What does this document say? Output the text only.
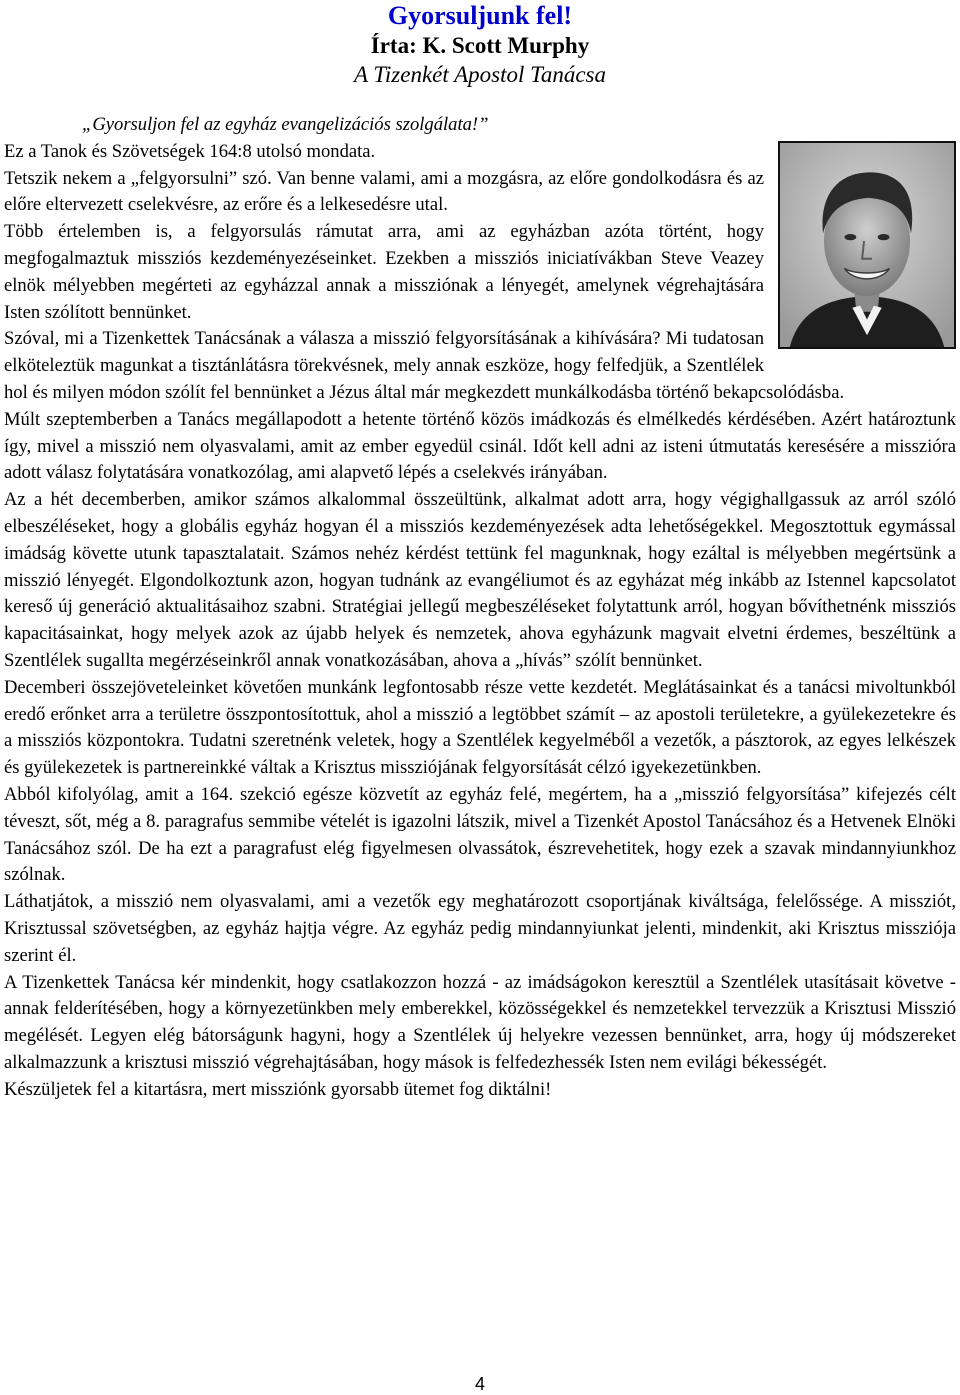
Gyorsuljunk fel!

Írta: K. Scott Murphy

A Tizenkét Apostol Tanácsa

„Gyorsuljon fel az egyház evangelizációs szolgálata!”

Ez a Tanok és Szövetségek 164:8 utolsó mondata.

Tetszik nekem a „felgyorsulni” szó. Van benne valami, ami a mozgásra, az előre gondolkodásra és az előre eltervezett cselekvésre, az erőre és a lelkesedésre utal.

Több értelemben is, a felgyorsulás rámutat arra, ami az egyházban azóta történt, hogy megfogalmaztuk missziós kezdeményezéseinket. Ezekben a missziós iniciatívákban Steve Veazey elnök mélyebben megérteti az egyházzal annak a missziónak a lényegét, amelynek végrehajtására Isten szólított bennünket.

Szóval, mi a Tizenkettek Tanácsának a válasza a misszió felgyorsításának a kihívására? Mi tudatosan elköteleztük magunkat a tisztánlátásra törekvésnek, mely annak eszköze, hogy felfedjük, a Szentlélek hol és milyen módon szólít fel bennünket a Jézus által már megkezdett munkálkodásba történő bekapcsolódásba.

Múlt szeptemberben a Tanács megállapodott a hetente történő közös imádkozás és elmélkedés kérdésében. Azért határoztunk így, mivel a misszió nem olyasvalami, amit az ember egyedül csinál. Időt kell adni az isteni útmutatás keresésére a misszióra adott válasz folytatására vonatkozólag, ami alapvető lépés a cselekvés irányában.

Az a hét decemberben, amikor számos alkalommal összeültünk, alkalmat adott arra, hogy végighallgassuk az arról szóló elbeszéléseket, hogy a globális egyház hogyan él a missziós kezdeményezések adta lehetőségekkel. Megosztottuk egymással imádság követte utunk tapasztalatait. Számos nehéz kérdést tettünk fel magunknak, hogy ezáltal is mélyebben megértsünk a misszió lényegét. Elgondolkoztunk azon, hogyan tudnánk az evangéliumot és az egyházat még inkább az Istennel kapcsolatot kereső új generáció aktualitásaihoz szabni. Stratégiai jellegű megbeszéléseket folytattunk arról, hogyan bővíthetnénk missziós kapacitásainkat, hogy melyek azok az újabb helyek és nemzetek, ahova egyházunk magvait elvetni érdemes, beszéltünk a Szentlélek sugallta megérzéseinkről annak vonatkozásában, ahova a „hívás” szólít bennünket.

Decemberi összejöveteleinket követően munkánk legfontosabb része vette kezdetét. Meglátásainkat és a tanácsi mivoltunkból eredő erőnket arra a területre összpontosítottuk, ahol a misszió a legtöbbet számít – az apostoli területekre, a gyülekezetekre és a missziós központokra. Tudatni szeretnénk veletek, hogy a Szentlélek kegyelméből a vezetők, a pásztorok, az egyes lelkészek és gyülekezetek is partnereinkké váltak a Krisztus missziójának felgyorsítását célzó igyekezetünkben.

Abból kifolyólag, amit a 164. szekció egésze közvetít az egyház felé, megértem, ha a „misszió felgyorsítása” kifejezés célt téveszt, sőt, még a 8. paragrafus semmibe vételét is igazolni látszik, mivel a Tizenkét Apostol Tanácsához és a Hetvenek Elnöki Tanácsához szól. De ha ezt a paragrafust elég figyelmesen olvassátok, észrevehetitek, hogy ezek a szavak mindannyiunkhoz szólnak.

Láthatjátok, a misszió nem olyasvalami, ami a vezetők egy meghatározott csoportjának kiváltsága, felelőssége. A missziót, Krisztussal szövetségben, az egyház hajtja végre. Az egyház pedig mindannyiunkat jelenti, mindenkit, aki Krisztus missziója szerint él.

A Tizenkettek Tanácsa kér mindenkit, hogy csatlakozzon hozzá - az imádságokon keresztül a Szentlélek utasításait követve - annak felderítésében, hogy a környezetünkben mely emberekkel, közösségekkel és nemzetekkel tervezzük a Krisztusi Misszió megélését. Legyen elég bátorságunk hagyni, hogy a Szentlélek új helyekre vezessen bennünket, arra, hogy új módszereket alkalmazzunk a krisztusi misszió végrehajtásában, hogy mások is felfedezhessék Isten nem evilági békességét.

Készüljetek fel a kitartásra, mert missziónk gyorsabb ütemet fog diktálni!

4
